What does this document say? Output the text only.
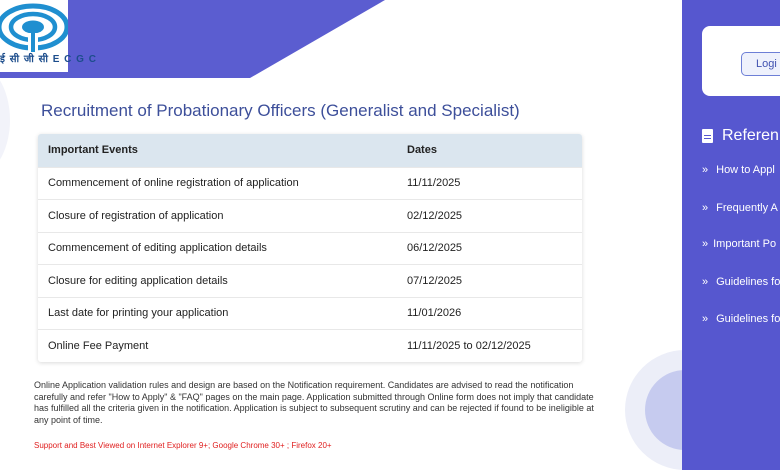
ई सी जी सी E C G C
Recruitment of Probationary Officers (Generalist and Specialist)
Important Events	Dates
Commencement of online registration of application	11/11/2025
Closure of registration of application	02/12/2025
Commencement of editing application details	06/12/2025
Closure for editing application details	07/12/2025
Last date for printing your application	11/01/2026
Online Fee Payment	11/11/2025 to 02/12/2025

Online Application validation rules and design are based on the Notification requirement. Candidates are advised to read the notification carefully and refer "How to Apply" & "FAQ" pages on the main page. Application submitted through Online form does not imply that candidate has fulfilled all the criteria given in the notification. Application is subject to subsequent scrutiny and can be rejected if found to be ineligible at any point of time.

Support and Best Viewed on Internet Explorer 9+; Google Chrome 30+ ; Firefox 20+

Logi
Referen
» How to Appl
» Frequently A
» Important Po
» Guidelines fo
» Guidelines fo
